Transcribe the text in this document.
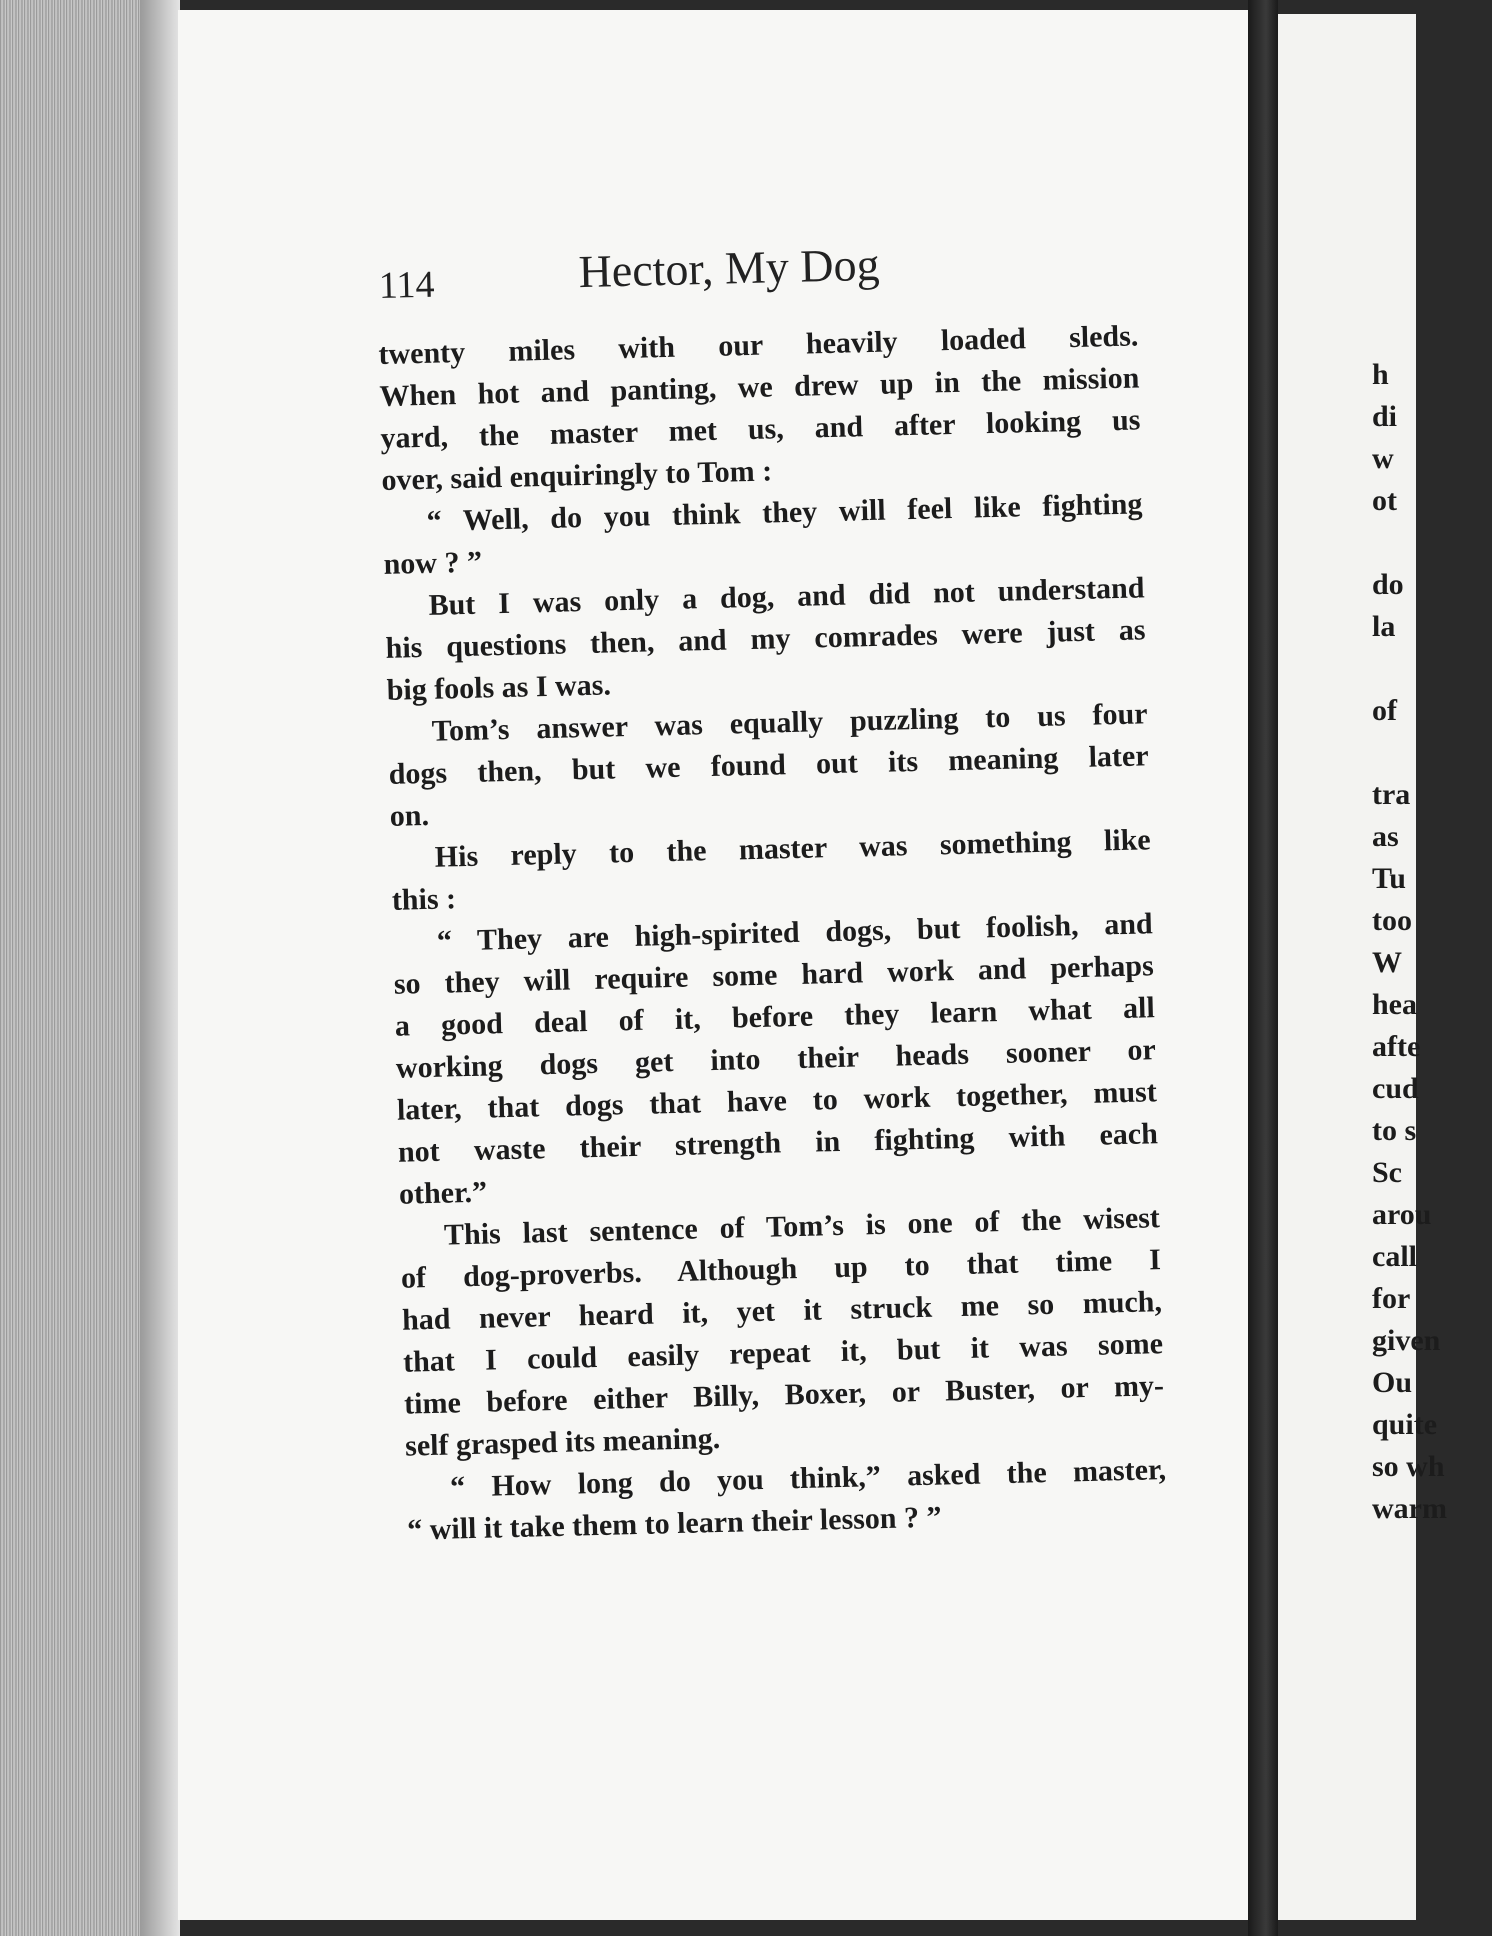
114	Hector, My Dog
twenty miles with our heavily loaded sleds.
When hot and panting, we drew up in the mission
yard, the master met us, and after looking us
over, said enquiringly to Tom :
“ Well, do you think they will feel like fighting
now ? ”
But I was only a dog, and did not understand
his questions then, and my comrades were just as
big fools as I was.
Tom’s answer was equally puzzling to us four
dogs then, but we found out its meaning later
on.
His reply to the master was something like
this :
“ They are high-spirited dogs, but foolish, and
so they will require some hard work and perhaps
a good deal of it, before they learn what all
working dogs get into their heads sooner or
later, that dogs that have to work together, must
not waste their strength in fighting with each
other.”
This last sentence of Tom’s is one of the wisest
of dog-proverbs. Although up to that time I
had never heard it, yet it struck me so much,
that I could easily repeat it, but it was some
time before either Billy, Boxer, or Buster, or my-
self grasped its meaning.
“ How long do you think,” asked the master,
“ will it take them to learn their lesson ? ”
h
di
w
ot
do
la
of
tra
as
Tu
too
W
hea
afte
cud
to s
Sc
arou
call
for
given
Ou
quite
so wh
warm
